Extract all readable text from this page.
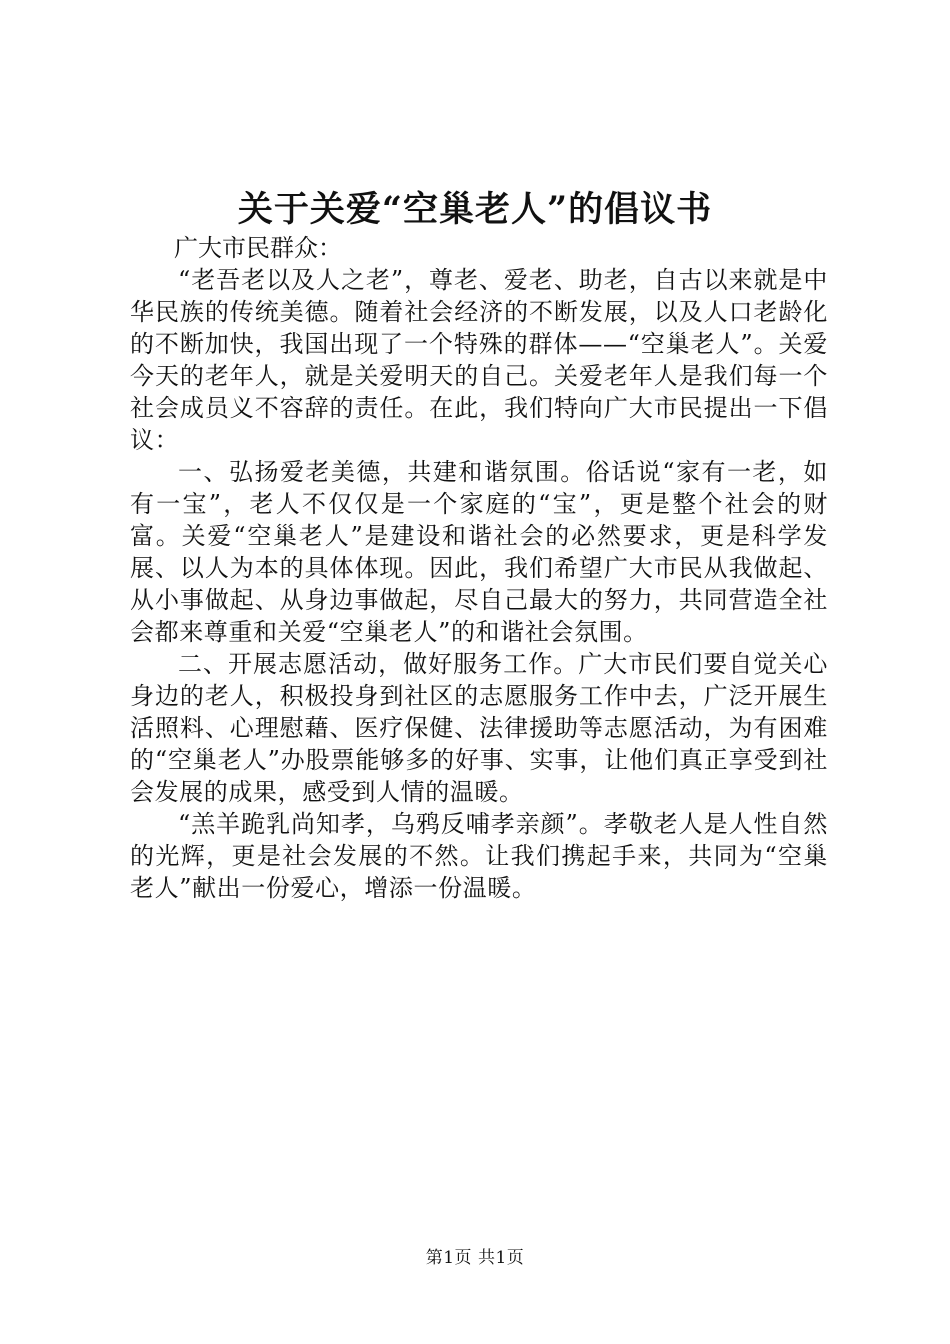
关于关爱“空巢老人”的倡议书

广大市民群众：

“老吾老以及人之老”，尊老、爱老、助老，自古以来就是中华民族的传统美德。随着社会经济的不断发展，以及人口老龄化的不断加快，我国出现了一个特殊的群体——“空巢老人”。关爱今天的老年人，就是关爱明天的自己。关爱老年人是我们每一个社会成员义不容辞的责任。在此，我们特向广大市民提出一下倡议：

一、弘扬爱老美德，共建和谐氛围。俗话说“家有一老，如有一宝”，老人不仅仅是一个家庭的“宝”，更是整个社会的财富。关爱“空巢老人”是建设和谐社会的必然要求，更是科学发展、以人为本的具体体现。因此，我们希望广大市民从我做起、从小事做起、从身边事做起，尽自己最大的努力，共同营造全社会都来尊重和关爱“空巢老人”的和谐社会氛围。

二、开展志愿活动，做好服务工作。广大市民们要自觉关心身边的老人，积极投身到社区的志愿服务工作中去，广泛开展生活照料、心理慰藉、医疗保健、法律援助等志愿活动，为有困难的“空巢老人”办股票能够多的好事、实事，让他们真正享受到社会发展的成果，感受到人情的温暖。

“羔羊跪乳尚知孝，乌鸦反哺孝亲颜”。孝敬老人是人性自然的光辉，更是社会发展的不然。让我们携起手来，共同为“空巢老人”献出一份爱心，增添一份温暖。

第1页 共1页
